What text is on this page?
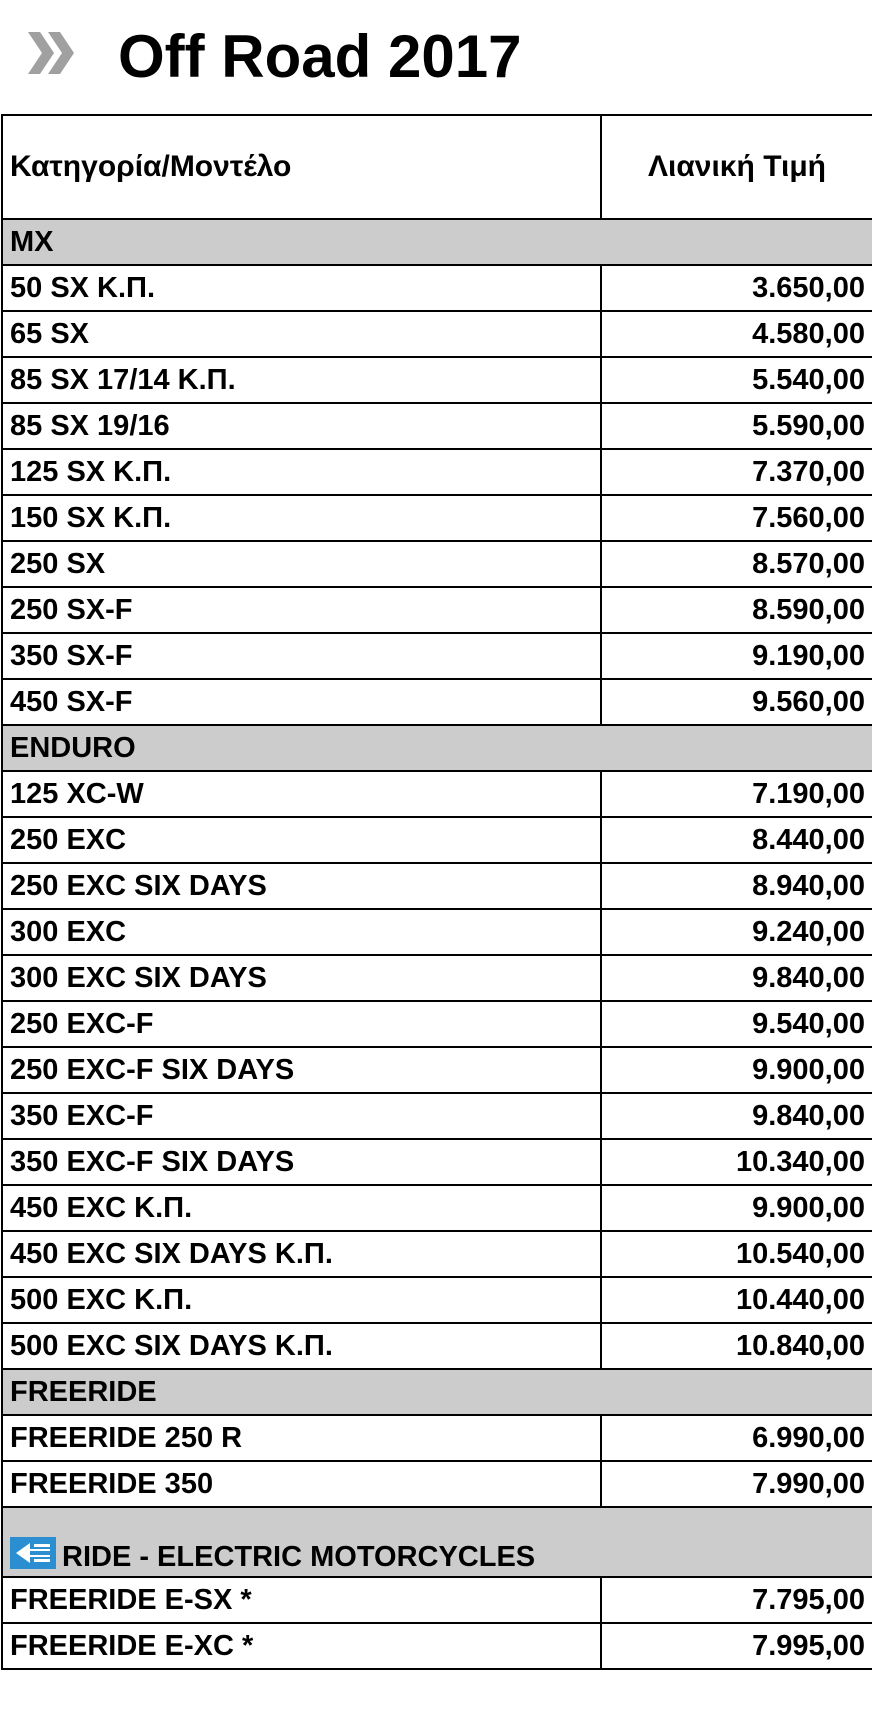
Off Road 2017
Κατηγορία/Μοντέλο	Λιανική Τιμή
MX	
50 SX Κ.Π.	3.650,00
65 SX	4.580,00
85 SX 17/14 Κ.Π.	5.540,00
85 SX 19/16	5.590,00
125 SX Κ.Π.	7.370,00
150 SX Κ.Π.	7.560,00
250 SX	8.570,00
250 SX-F	8.590,00
350 SX-F	9.190,00
450 SX-F	9.560,00
ENDURO	
125 XC-W	7.190,00
250 EXC	8.440,00
250 EXC SIX DAYS	8.940,00
300 EXC	9.240,00
300 EXC SIX DAYS	9.840,00
250 EXC-F	9.540,00
250 EXC-F SIX DAYS	9.900,00
350 EXC-F	9.840,00
350 EXC-F SIX DAYS	10.340,00
450 EXC Κ.Π.	9.900,00
450 EXC SIX DAYS Κ.Π.	10.540,00
500 EXC Κ.Π.	10.440,00
500 EXC SIX DAYS Κ.Π.	10.840,00
FREERIDE	
FREERIDE 250 R	6.990,00
FREERIDE 350	7.990,00
RIDE - ELECTRIC MOTORCYCLES	
FREERIDE E-SX *	7.795,00
FREERIDE E-XC *	7.995,00
